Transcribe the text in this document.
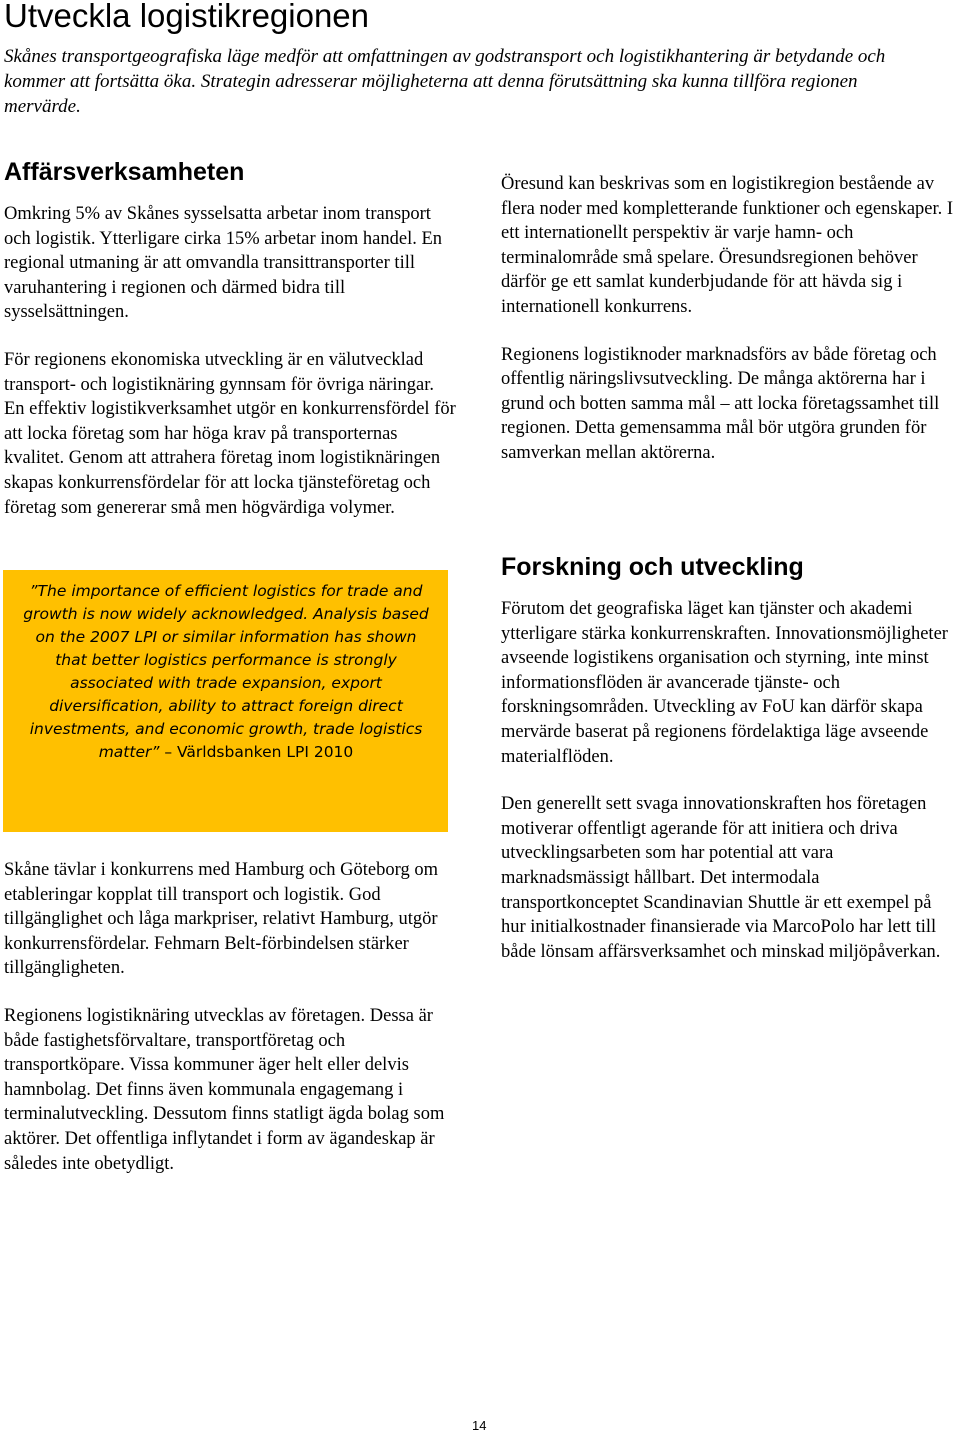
Utveckla logistikregionen

Skånes transportgeografiska läge medför att omfattningen av godstransport och logistikhantering är betydande och kommer att fortsätta öka. Strategin adresserar möjligheterna att denna förutsättning ska kunna tillföra regionen mervärde.

Affärsverksamheten

Omkring 5% av Skånes sysselsatta arbetar inom transport och logistik. Ytterligare cirka 15% arbetar inom handel. En regional utmaning är att omvandla transittransporter till varuhantering i regionen och därmed bidra till sysselsättningen.

För regionens ekonomiska utveckling är en välutvecklad transport- och logistiknäring gynnsam för övriga näringar. En effektiv logistikverksamhet utgör en konkurrensfördel för att locka företag som har höga krav på transporternas kvalitet. Genom att attrahera företag inom logistiknäringen skapas konkurrensfördelar för att locka tjänsteföretag och företag som genererar små men högvärdiga volymer.

”The importance of efficient logistics for trade and growth is now widely acknowledged. Analysis based on the 2007 LPI or similar information has shown that better logistics performance is strongly associated with trade expansion, export diversification, ability to attract foreign direct investments, and economic growth, trade logistics matter” – Världsbanken LPI 2010

Skåne tävlar i konkurrens med Hamburg och Göteborg om etableringar kopplat till transport och logistik. God tillgänglighet och låga markpriser, relativt Hamburg, utgör konkurrensfördelar. Fehmarn Belt-förbindelsen stärker tillgängligheten.

Regionens logistiknäring utvecklas av företagen. Dessa är både fastighetsförvaltare, transportföretag och transportköpare. Vissa kommuner äger helt eller delvis hamnbolag. Det finns även kommunala engagemang i terminalutveckling. Dessutom finns statligt ägda bolag som aktörer. Det offentliga inflytandet i form av ägandeskap är således inte obetydligt.

Öresund kan beskrivas som en logistikregion bestående av flera noder med kompletterande funktioner och egenskaper. I ett internationellt perspektiv är varje hamn- och terminalområde små spelare. Öresundsregionen behöver därför ge ett samlat kunderbjudande för att hävda sig i internationell konkurrens.

Regionens logistiknoder marknadsförs av både företag och offentlig näringslivsutveckling. De många aktörerna har i grund och botten samma mål – att locka företagssamhet till regionen. Detta gemensamma mål bör utgöra grunden för samverkan mellan aktörerna.

Forskning och utveckling

Förutom det geografiska läget kan tjänster och akademi ytterligare stärka konkurrenskraften. Innovationsmöjligheter avseende logistikens organisation och styrning, inte minst informationsflöden är avancerade tjänste- och forskningsområden. Utveckling av FoU kan därför skapa mervärde baserat på regionens fördelaktiga läge avseende materialflöden.

Den generellt sett svaga innovationskraften hos företagen motiverar offentligt agerande för att initiera och driva utvecklingsarbeten som har potential att vara marknadsmässigt hållbart. Det intermodala transportkonceptet Scandinavian Shuttle är ett exempel på hur initialkostnader finansierade via MarcoPolo har lett till både lönsam affärsverksamhet och minskad miljöpåverkan.

14
